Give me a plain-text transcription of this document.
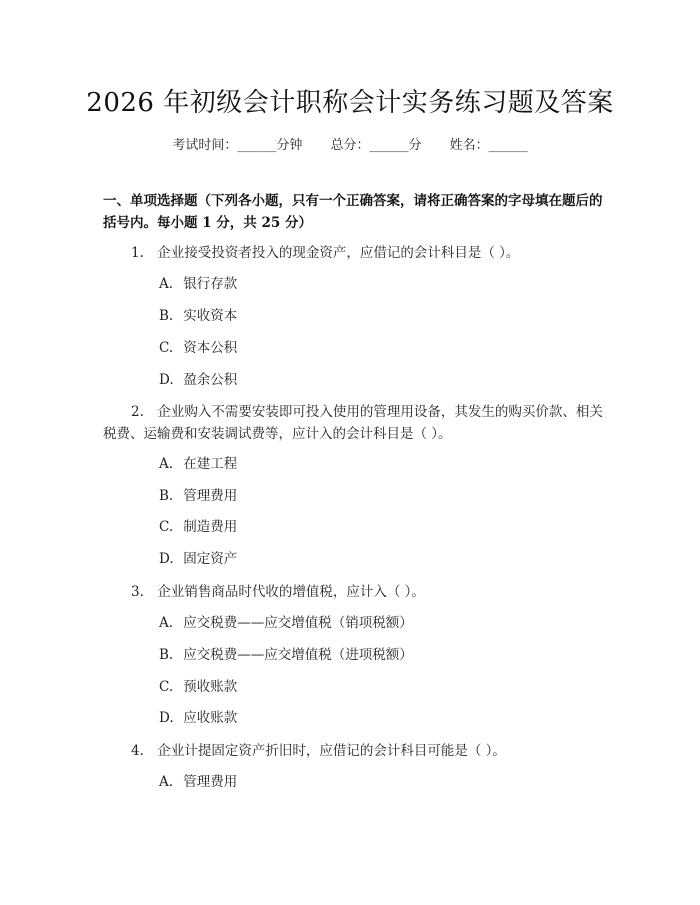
2026 年初级会计职称会计实务练习题及答案
考试时间：______分钟 总分：______分 姓名：______
一、单项选择题（下列各小题，只有一个正确答案，请将正确答案的字母填在题后的括号内。每小题 1 分，共 25 分）
1.　企业接受投资者投入的现金资产，应借记的会计科目是（ ）。
A. 银行存款
B. 实收资本
C. 资本公积
D. 盈余公积
2.　企业购入不需要安装即可投入使用的管理用设备，其发生的购买价款、相关税费、运输费和安装调试费等，应计入的会计科目是（ ）。
A. 在建工程
B. 管理费用
C. 制造费用
D. 固定资产
3.　企业销售商品时代收的增值税，应计入（ ）。
A. 应交税费——应交增值税（销项税额）
B. 应交税费——应交增值税（进项税额）
C. 预收账款
D. 应收账款
4.　企业计提固定资产折旧时，应借记的会计科目可能是（ ）。
A. 管理费用
